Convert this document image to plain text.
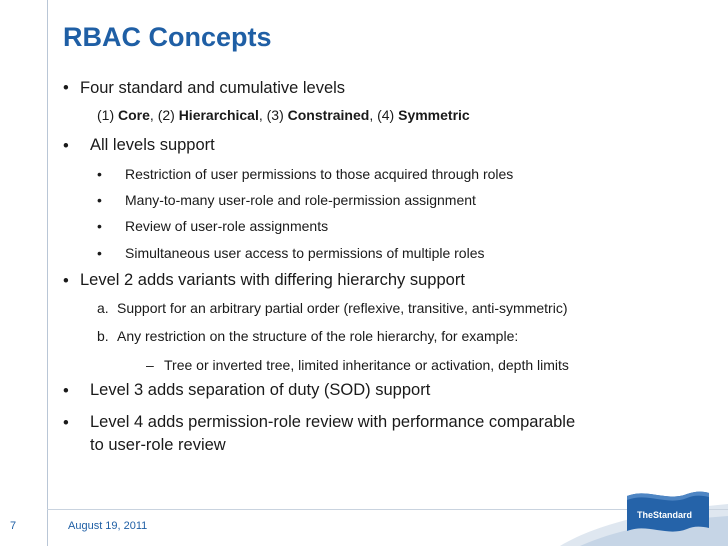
RBAC Concepts
• Four standard and cumulative levels
(1) Core, (2) Hierarchical, (3) Constrained, (4) Symmetric
• All levels support
• Restriction of user permissions to those acquired through roles
• Many-to-many user-role and role-permission assignment
• Review of user-role assignments
• Simultaneous user access to permissions of multiple roles
• Level 2 adds variants with differing hierarchy support
a. Support for an arbitrary partial order (reflexive, transitive, anti-symmetric)
b. Any restriction on the structure of the role hierarchy, for example:
– Tree or inverted tree, limited inheritance or activation, depth limits
• Level 3 adds separation of duty (SOD) support
• Level 4 adds permission-role review with performance comparable
to user-role review
7	August 19, 2011
TheStandard
